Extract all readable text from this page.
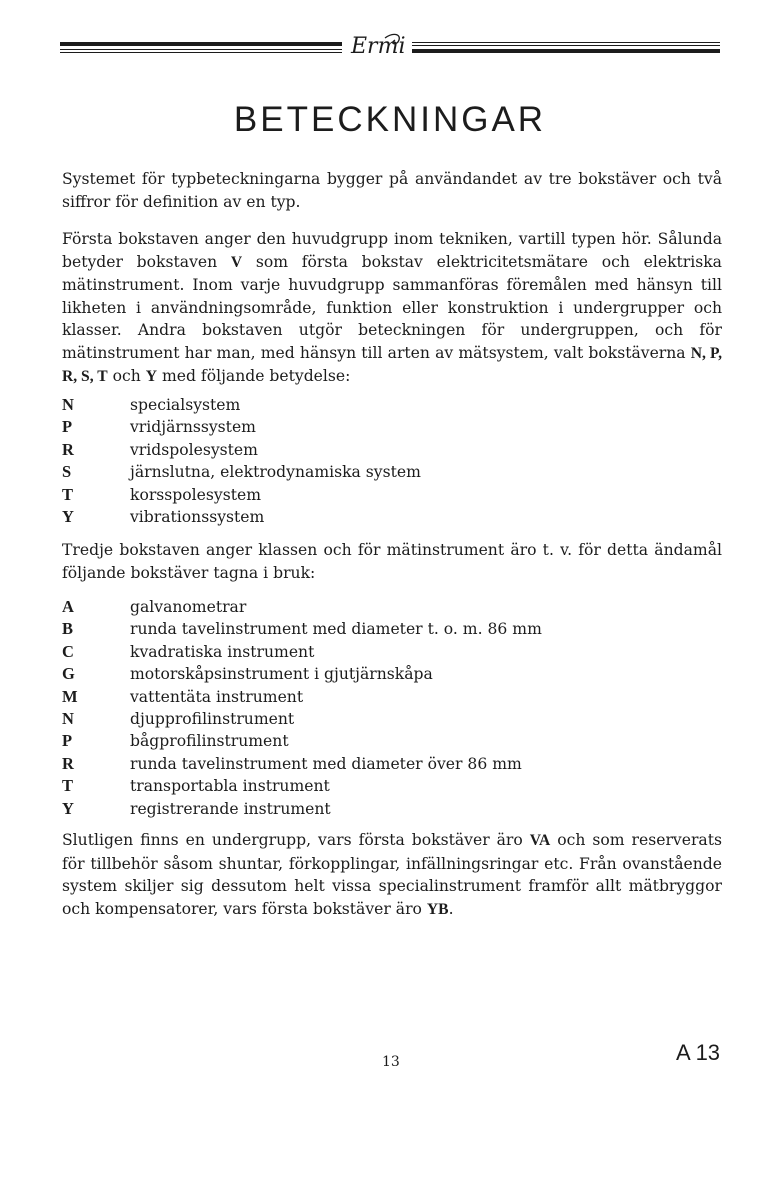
Ermi
BETECKNINGAR

Systemet för typbeteckningarna bygger på användandet av tre bokstäver och två siffror för definition av en typ.

Första bokstaven anger den huvudgrupp inom tekniken, vartill typen hör. Sålunda betyder bokstaven V som första bokstav elektricitetsmätare och elektriska mätinstrument. Inom varje huvudgrupp sammanföras föremålen med hänsyn till likheten i användningsområde, funktion eller konstruktion i undergrupper och klasser. Andra bokstaven utgör beteckningen för undergruppen, och för mätinstrument har man, med hänsyn till arten av mätsystem, valt bokstäverna N, P, R, S, T och Y med följande betydelse:

N	specialsystem
P	vridjärnssystem
R	vridspolesystem
S	järnslutna, elektrodynamiska system
T	korsspolesystem
Y	vibrationssystem

Tredje bokstaven anger klassen och för mätinstrument äro t. v. för detta ändamål följande bokstäver tagna i bruk:

A	galvanometrar
B	runda tavelinstrument med diameter t. o. m. 86 mm
C	kvadratiska instrument
G	motorskåpsinstrument i gjutjärnskåpa
M	vattentäta instrument
N	djupprofilinstrument
P	bågprofilinstrument
R	runda tavelinstrument med diameter över 86 mm
T	transportabla instrument
Y	registrerande instrument

Slutligen finns en undergrupp, vars första bokstäver äro VA och som reserverats för tillbehör såsom shuntar, förkopplingar, infällningsringar etc. Från ovanstående system skiljer sig dessutom helt vissa specialinstrument framför allt mätbryggor och kompensatorer, vars första bokstäver äro YB.

13	A 13
